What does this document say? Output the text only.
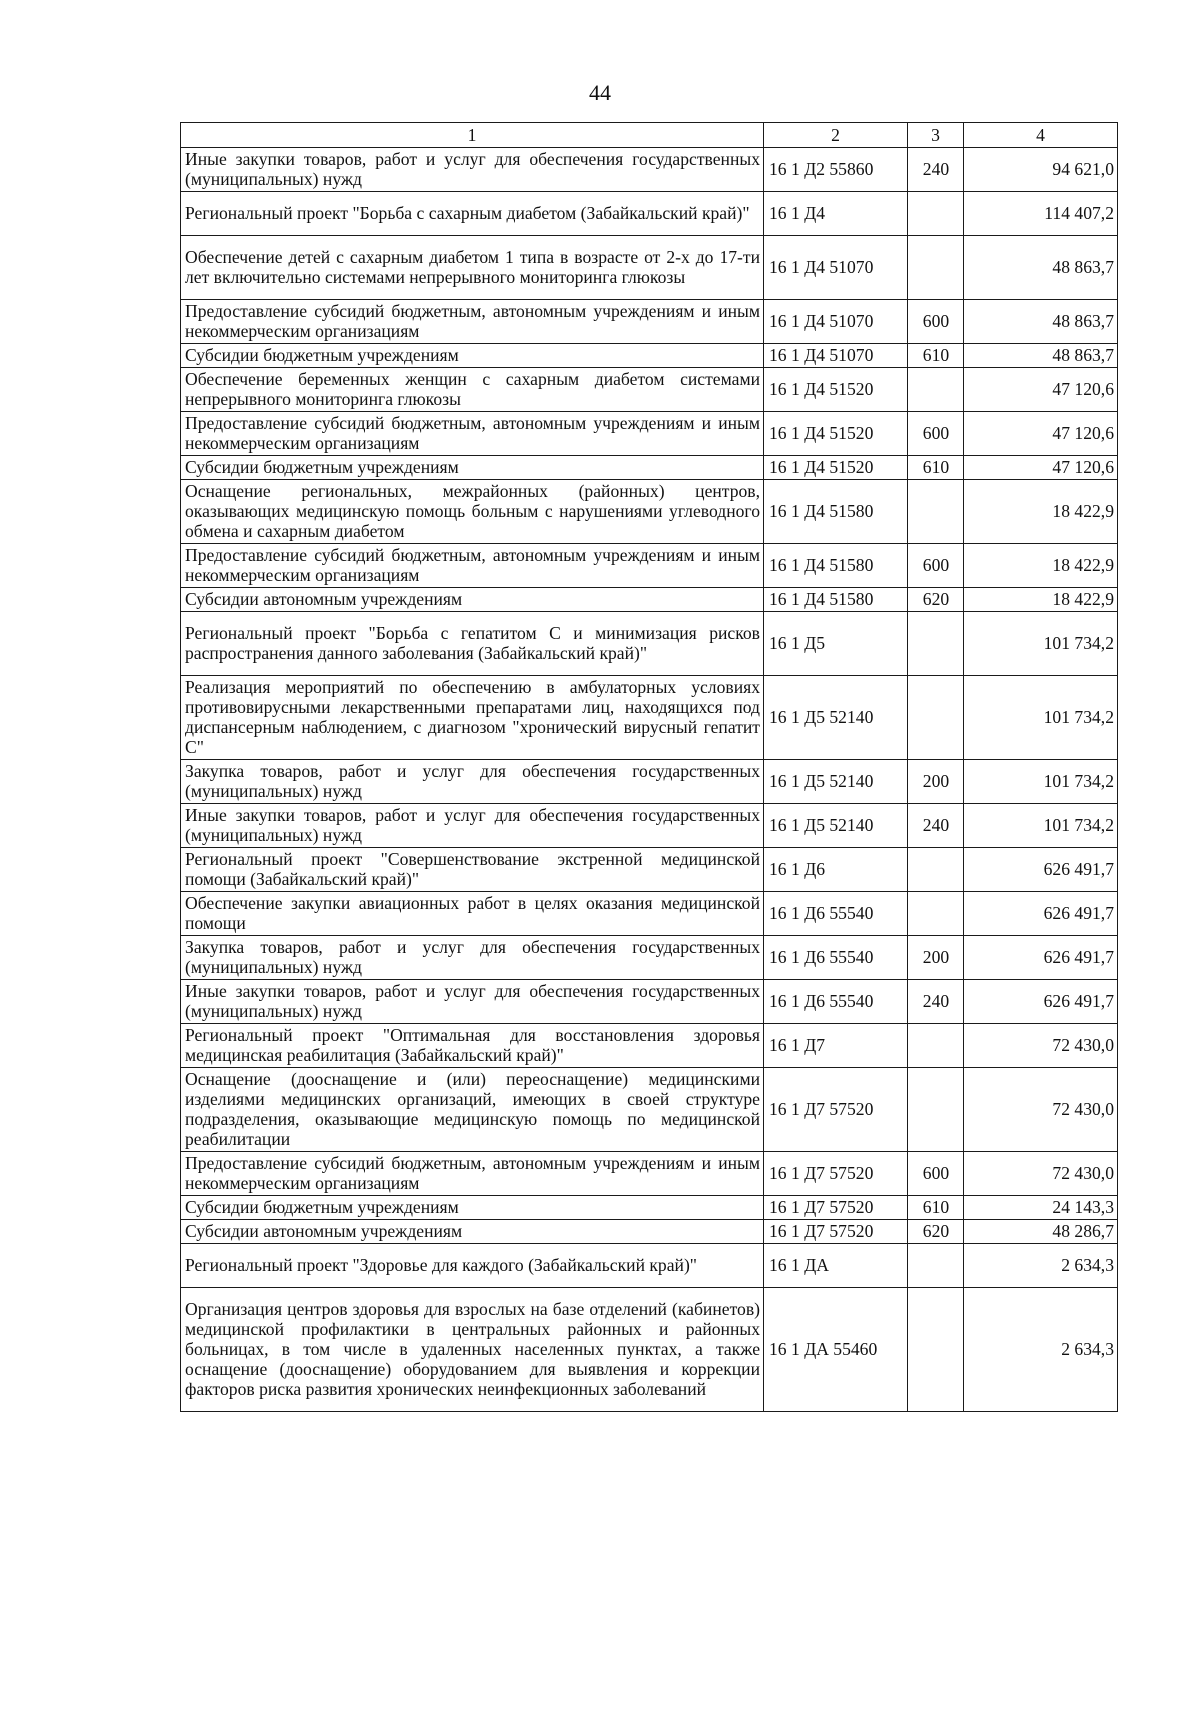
44
1	2	3	4
Иные закупки товаров, работ и услуг для обеспечения государственных (муниципальных) нужд	16 1 Д2 55860	240	94 621,0
Региональный проект "Борьба с сахарным диабетом (Забайкальский край)"	16 1 Д4		114 407,2
Обеспечение детей с сахарным диабетом 1 типа в возрасте от 2-х до 17-ти лет включительно системами непрерывного мониторинга глюкозы	16 1 Д4 51070		48 863,7
Предоставление субсидий бюджетным, автономным учреждениям и иным некоммерческим организациям	16 1 Д4 51070	600	48 863,7
Субсидии бюджетным учреждениям	16 1 Д4 51070	610	48 863,7
Обеспечение беременных женщин с сахарным диабетом системами непрерывного мониторинга глюкозы	16 1 Д4 51520		47 120,6
Предоставление субсидий бюджетным, автономным учреждениям и иным некоммерческим организациям	16 1 Д4 51520	600	47 120,6
Субсидии бюджетным учреждениям	16 1 Д4 51520	610	47 120,6
Оснащение региональных, межрайонных (районных) центров, оказывающих медицинскую помощь больным с нарушениями углеводного обмена и сахарным диабетом	16 1 Д4 51580		18 422,9
Предоставление субсидий бюджетным, автономным учреждениям и иным некоммерческим организациям	16 1 Д4 51580	600	18 422,9
Субсидии автономным учреждениям	16 1 Д4 51580	620	18 422,9
Региональный проект "Борьба с гепатитом С и минимизация рисков распространения данного заболевания (Забайкальский край)"	16 1 Д5		101 734,2
Реализация мероприятий по обеспечению в амбулаторных условиях противовирусными лекарственными препаратами лиц, находящихся под диспансерным наблюдением, с диагнозом "хронический вирусный гепатит С"	16 1 Д5 52140		101 734,2
Закупка товаров, работ и услуг для обеспечения государственных (муниципальных) нужд	16 1 Д5 52140	200	101 734,2
Иные закупки товаров, работ и услуг для обеспечения государственных (муниципальных) нужд	16 1 Д5 52140	240	101 734,2
Региональный проект "Совершенствование экстренной медицинской помощи (Забайкальский край)"	16 1 Д6		626 491,7
Обеспечение закупки авиационных работ в целях оказания медицинской помощи	16 1 Д6 55540		626 491,7
Закупка товаров, работ и услуг для обеспечения государственных (муниципальных) нужд	16 1 Д6 55540	200	626 491,7
Иные закупки товаров, работ и услуг для обеспечения государственных (муниципальных) нужд	16 1 Д6 55540	240	626 491,7
Региональный проект "Оптимальная для восстановления здоровья медицинская реабилитация (Забайкальский край)"	16 1 Д7		72 430,0
Оснащение (дооснащение и (или) переоснащение) медицинскими изделиями медицинских организаций, имеющих в своей структуре подразделения, оказывающие медицинскую помощь по медицинской реабилитации	16 1 Д7 57520		72 430,0
Предоставление субсидий бюджетным, автономным учреждениям и иным некоммерческим организациям	16 1 Д7 57520	600	72 430,0
Субсидии бюджетным учреждениям	16 1 Д7 57520	610	24 143,3
Субсидии автономным учреждениям	16 1 Д7 57520	620	48 286,7
Региональный проект "Здоровье для каждого (Забайкальский край)"	16 1 ДА		2 634,3
Организация центров здоровья для взрослых на базе отделений (кабинетов) медицинской профилактики в центральных районных и районных больницах, в том числе в удаленных населенных пунктах, а также оснащение (дооснащение) оборудованием для выявления и коррекции факторов риска развития хронических неинфекционных заболеваний	16 1 ДА 55460		2 634,3
